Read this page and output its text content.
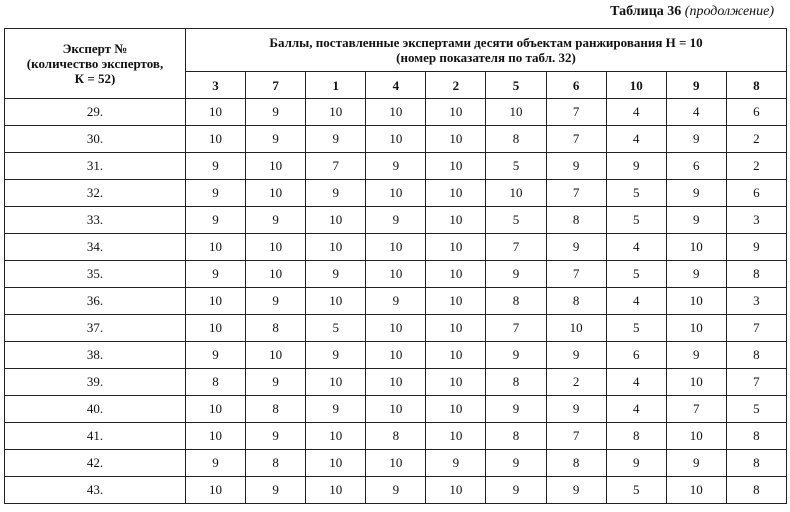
Таблица 36 (продолжение)
Эксперт №
(количество экспертов,
К = 52)	Баллы, поставленные экспертами десяти объектам ранжирования Н = 10
(номер показателя по табл. 32)									
	3	7	1	4	2	5	6	10	9	8
29.	10	9	10	10	10	10	7	4	4	6
30.	10	9	9	10	10	8	7	4	9	2
31.	9	10	7	9	10	5	9	9	6	2
32.	9	10	9	10	10	10	7	5	9	6
33.	9	9	10	9	10	5	8	5	9	3
34.	10	10	10	10	10	7	9	4	10	9
35.	9	10	9	10	10	9	7	5	9	8
36.	10	9	10	9	10	8	8	4	10	3
37.	10	8	5	10	10	7	10	5	10	7
38.	9	10	9	10	10	9	9	6	9	8
39.	8	9	10	10	10	8	2	4	10	7
40.	10	8	9	10	10	9	9	4	7	5
41.	10	9	10	8	10	8	7	8	10	8
42.	9	8	10	10	9	9	8	9	9	8
43.	10	9	10	9	10	9	9	5	10	8
